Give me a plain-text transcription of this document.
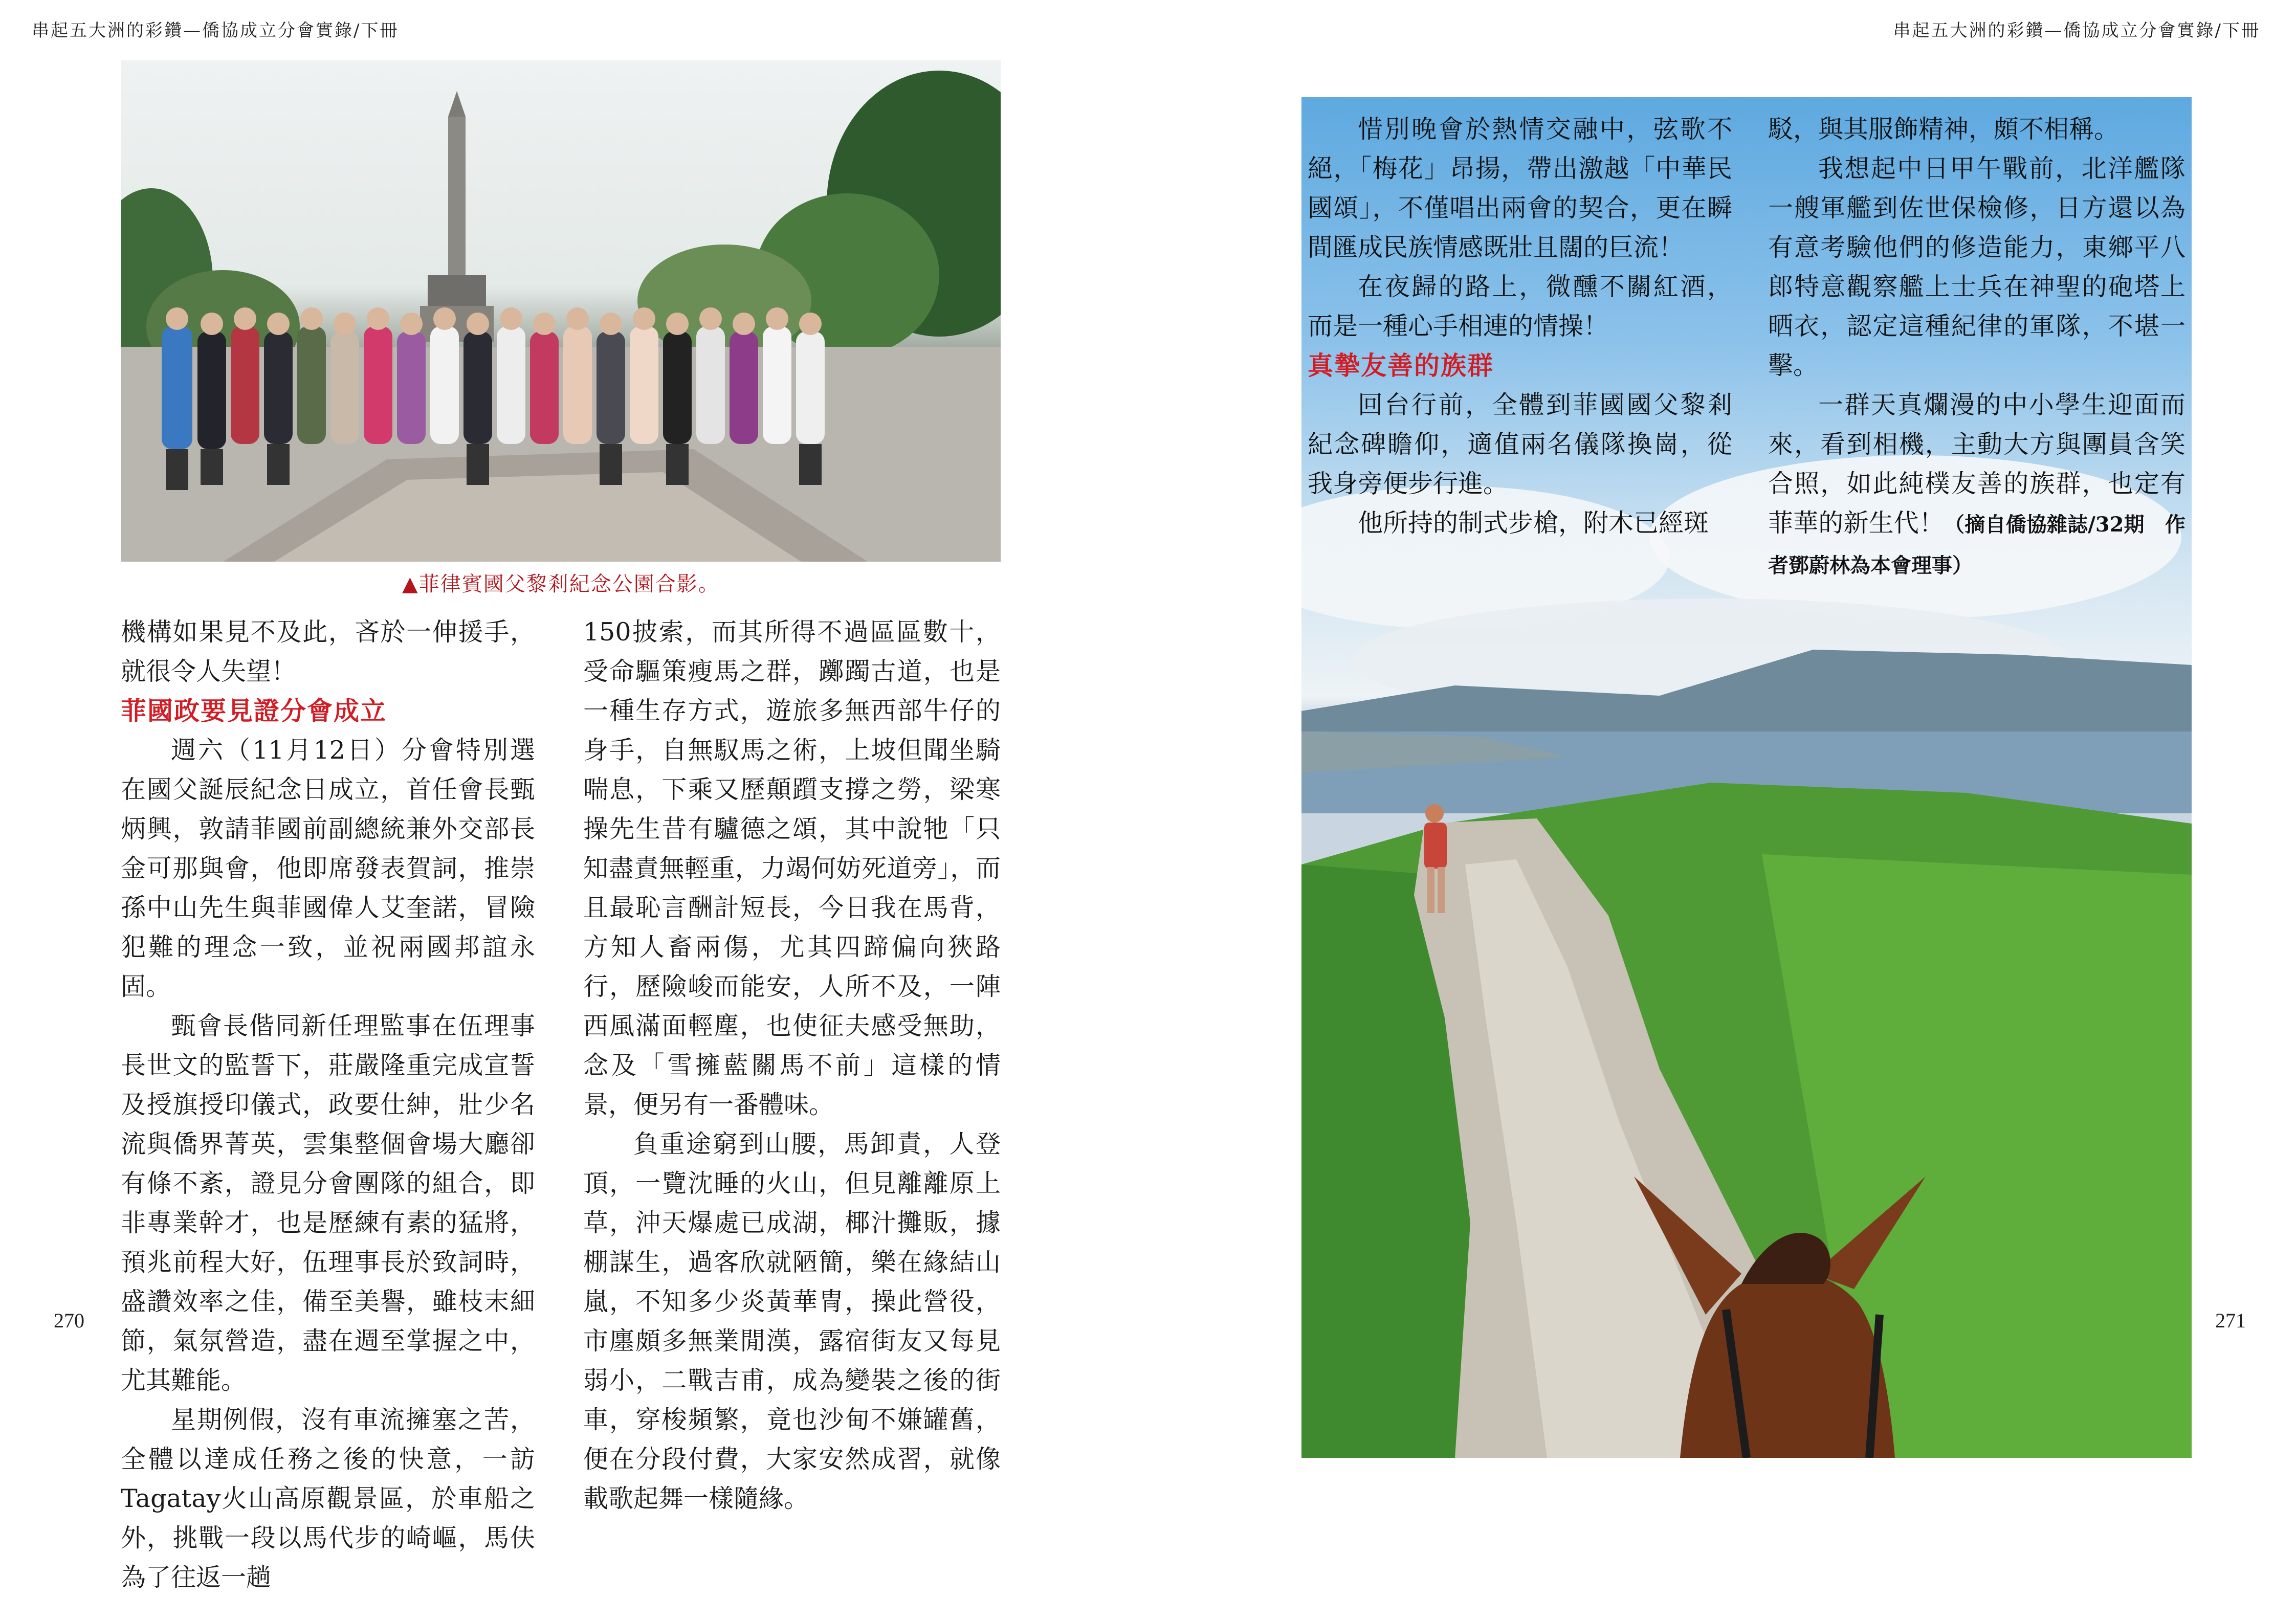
串起五大洲的彩鑽—僑協成立分會實錄/下冊	串起五大洲的彩鑽—僑協成立分會實錄/下冊
▲菲律賓國父黎剎紀念公園合影。

機構如果見不及此，吝於一伸援手，就很令人失望！

菲國政要見證分會成立

週六（11月12日）分會特別選在國父誕辰紀念日成立，首任會長甄炳興，敦請菲國前副總統兼外交部長金可那與會，他即席發表賀詞，推崇孫中山先生與菲國偉人艾奎諾，冒險犯難的理念一致，並祝兩國邦誼永固。

甄會長偕同新任理監事在伍理事長世文的監誓下，莊嚴隆重完成宣誓及授旗授印儀式，政要仕紳，壯少名流與僑界菁英，雲集整個會場大廳卻有條不紊，證見分會團隊的組合，即非專業幹才，也是歷練有素的猛將，預兆前程大好，伍理事長於致詞時，盛讚效率之佳，備至美譽，雖枝末細節，氣氛營造，盡在週至掌握之中，尤其難能。

星期例假，沒有車流擁塞之苦，全體以達成任務之後的快意，一訪Tagatay火山高原觀景區，於車船之外，挑戰一段以馬代步的崎嶇，馬伕為了往返一趟

150披索，而其所得不過區區數十，受命驅策瘦馬之群，躑躅古道，也是一種生存方式，遊旅多無西部牛仔的身手，自無馭馬之術，上坡但聞坐騎喘息，下乘又歷顛躓支撐之勞，梁寒操先生昔有驢德之頌，其中說牠「只知盡責無輕重，力竭何妨死道旁」，而且最恥言酬計短長，今日我在馬背，方知人畜兩傷，尤其四蹄偏向狹路行，歷險峻而能安，人所不及，一陣西風滿面輕塵，也使征夫感受無助，念及「雪擁藍關馬不前」這樣的情景，便另有一番體味。

負重途窮到山腰，馬卸責，人登頂，一覽沈睡的火山，但見離離原上草，沖天爆處已成湖，椰汁攤販，據棚謀生，過客欣就陋簡，樂在緣結山嵐，不知多少炎黃華冑，操此營役，市廛頗多無業閒漢，露宿街友又每見弱小，二戰吉甫，成為變裝之後的街車，穿梭頻繁，竟也沙甸不嫌罐舊，便在分段付費，大家安然成習，就像載歌起舞一樣隨緣。

270	271

惜別晚會於熱情交融中，弦歌不絕，「梅花」昂揚，帶出激越「中華民國頌」，不僅唱出兩會的契合，更在瞬間匯成民族情感既壯且闊的巨流！

在夜歸的路上，微醺不關紅酒，而是一種心手相連的情操！

真摯友善的族群

回台行前，全體到菲國國父黎剎紀念碑瞻仰，適值兩名儀隊換崗，從我身旁便步行進。

他所持的制式步槍，附木已經斑

駁，與其服飾精神，頗不相稱。

我想起中日甲午戰前，北洋艦隊一艘軍艦到佐世保檢修，日方還以為有意考驗他們的修造能力，東鄉平八郎特意觀察艦上士兵在神聖的砲塔上晒衣，認定這種紀律的軍隊，不堪一擊。

一群天真爛漫的中小學生迎面而來，看到相機，主動大方與團員含笑合照，如此純樸友善的族群，也定有菲華的新生代！（摘自僑協雜誌/32期　作者鄧蔚林為本會理事）
